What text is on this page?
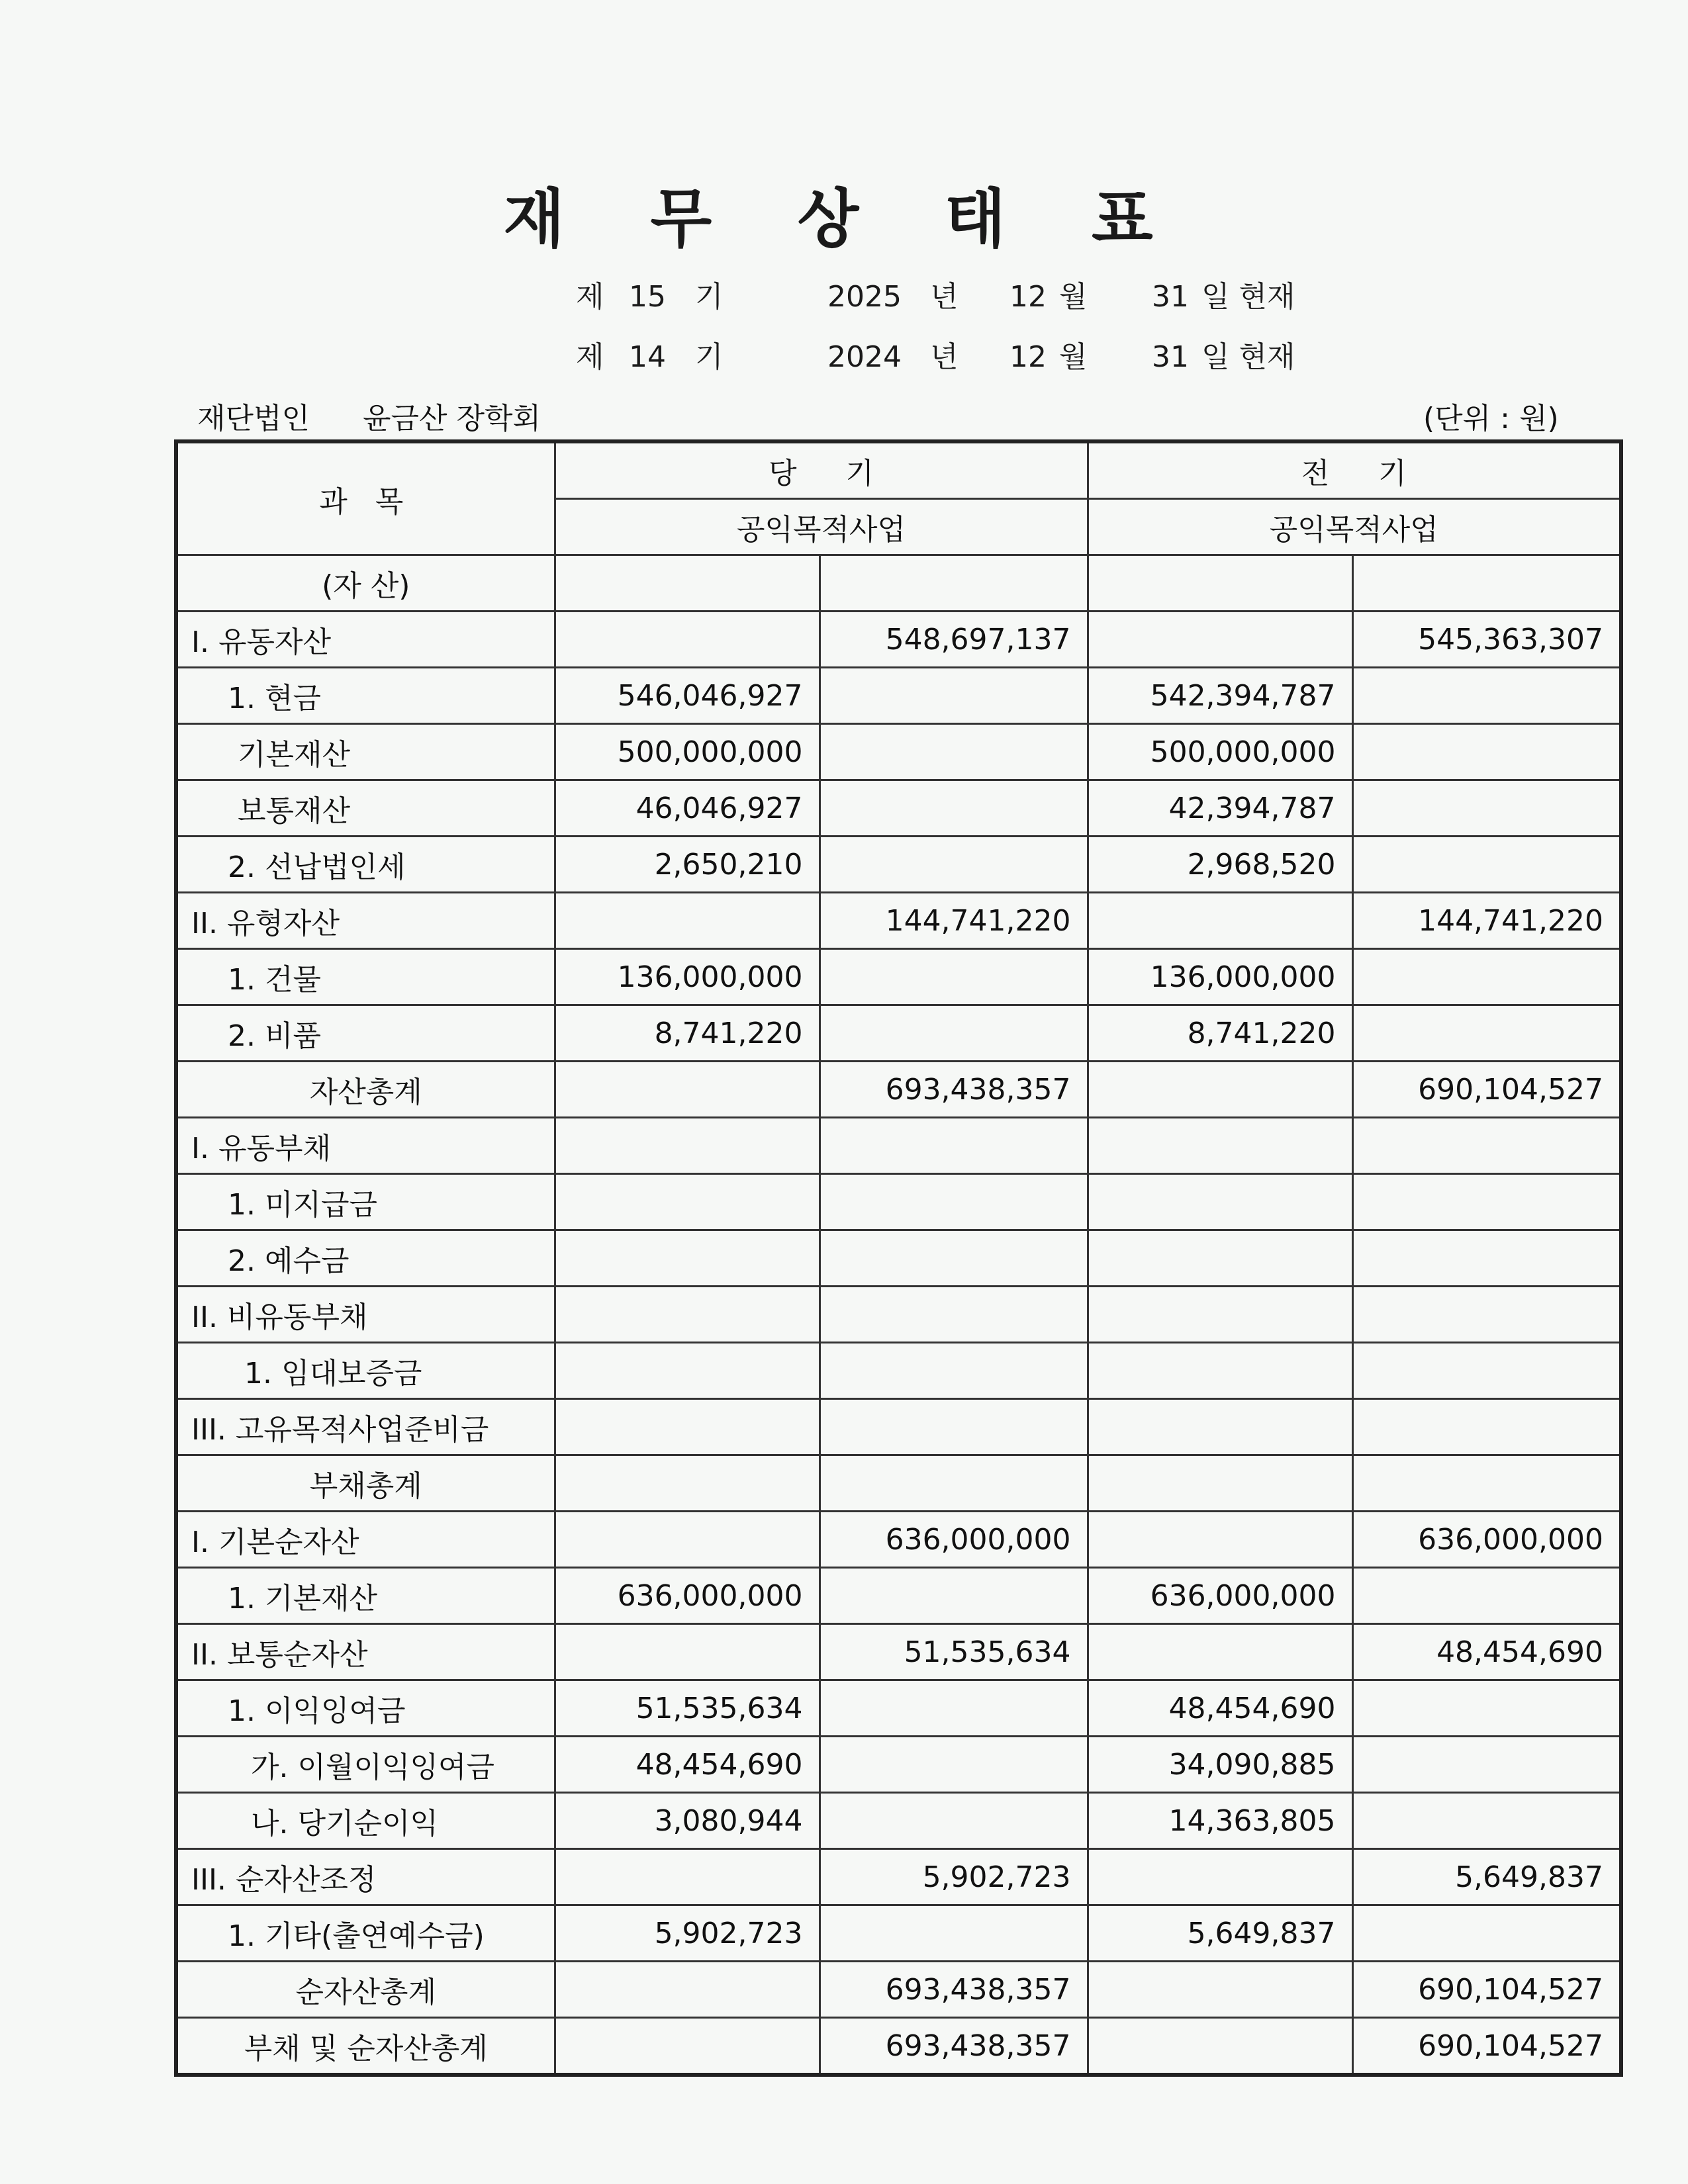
재 무 상 태 표
제 15 기	2025 년 12 월 31 일 현재
제 14 기	2024 년 12 월 31 일 현재
재단법인 윤금산 장학회	(단위 : 원)
과 목	당 기		전 기	
	공익목적사업		공익목적사업	
(자 산)				
I. 유동자산		548,697,137		545,363,307
1. 현금	546,046,927		542,394,787	
기본재산	500,000,000		500,000,000	
보통재산	46,046,927		42,394,787	
2. 선납법인세	2,650,210		2,968,520	
II. 유형자산		144,741,220		144,741,220
1. 건물	136,000,000		136,000,000	
2. 비품	8,741,220		8,741,220	
자산총계		693,438,357		690,104,527
I. 유동부채				
1. 미지급금				
2. 예수금				
II. 비유동부채				
1. 임대보증금				
III. 고유목적사업준비금				
부채총계				
I. 기본순자산		636,000,000		636,000,000
1. 기본재산	636,000,000		636,000,000	
II. 보통순자산		51,535,634		48,454,690
1. 이익잉여금	51,535,634		48,454,690	
가. 이월이익잉여금	48,454,690		34,090,885	
나. 당기순이익	3,080,944		14,363,805	
III. 순자산조정		5,902,723		5,649,837
1. 기타(출연예수금)	5,902,723		5,649,837	
순자산총계		693,438,357		690,104,527
부채 및 순자산총계		693,438,357		690,104,527
